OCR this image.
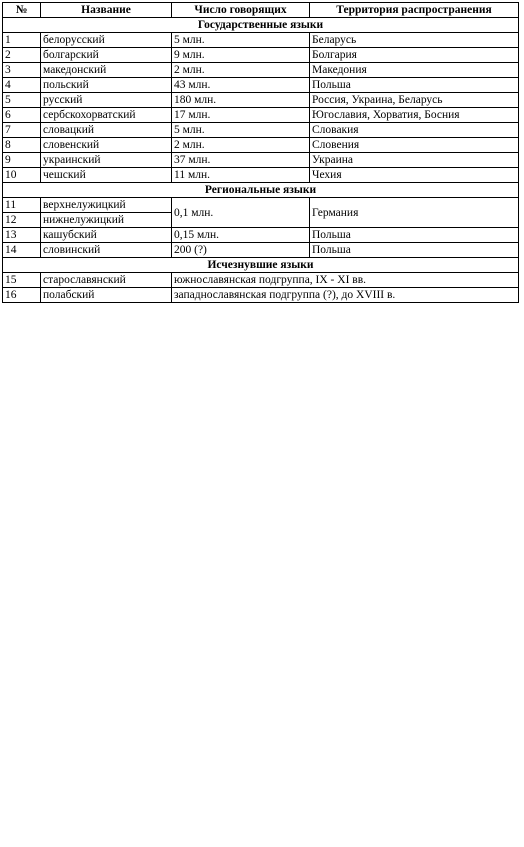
№	Название	Число говорящих	Территория распространения
Государственные языки			
1	белорусский	5 млн.	Беларусь
2	болгарский	9 млн.	Болгария
3	македонский	2 млн.	Македония
4	польский	43 млн.	Польша
5	русский	180 млн.	Россия, Украина, Беларусь
6	сербскохорватский	17 млн.	Югославия, Хорватия, Босния
7	словацкий	5 млн.	Словакия
8	словенский	2 млн.	Словения
9	украинский	37 млн.	Украина
10	чешский	11 млн.	Чехия
Региональные языки			
11	верхнелужицкий	0,1 млн.	Германия
12	нижнелужицкий		
13	кашубский	0,15 млн.	Польша
14	словинский	200 (?)	Польша
Исчезнувшие языки			
15	старославянский	южнославянская подгруппа, IX - XI вв.	
16	полабский	западнославянская подгруппа (?), до XVIII в.	
